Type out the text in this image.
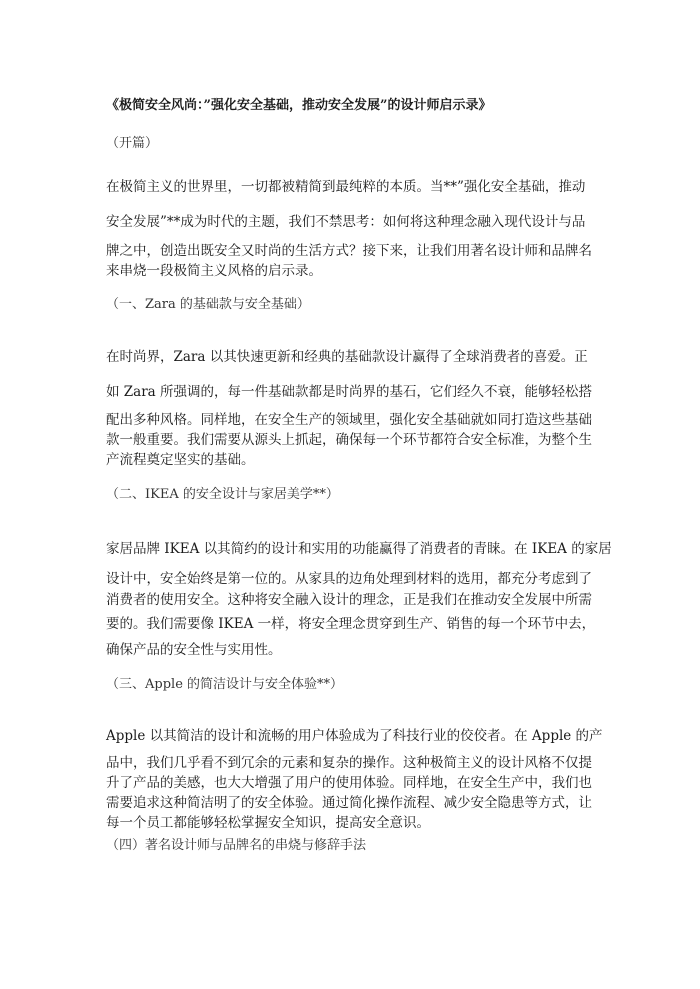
《极简安全风尚：”强化安全基础，推动安全发展”的设计师启示录》
（开篇）

在极简主义的世界里，一切都被精简到最纯粹的本质。当**”强化安全基础，推动

安全发展”**成为时代的主题，我们不禁思考：如何将这种理念融入现代设计与品

牌之中，创造出既安全又时尚的生活方式？接下来，让我们用著名设计师和品牌名

来串烧一段极简主义风格的启示录。

（一、Zara 的基础款与安全基础）

在时尚界，Zara 以其快速更新和经典的基础款设计赢得了全球消费者的喜爱。正

如 Zara 所强调的，每一件基础款都是时尚界的基石，它们经久不衰，能够轻松搭

配出多种风格。同样地，在安全生产的领域里，强化安全基础就如同打造这些基础

款一般重要。我们需要从源头上抓起，确保每一个环节都符合安全标准，为整个生

产流程奠定坚实的基础。

（二、IKEA 的安全设计与家居美学**）

家居品牌 IKEA 以其简约的设计和实用的功能赢得了消费者的青睐。在 IKEA 的家居

设计中，安全始终是第一位的。从家具的边角处理到材料的选用，都充分考虑到了

消费者的使用安全。这种将安全融入设计的理念，正是我们在推动安全发展中所需

要的。我们需要像 IKEA 一样，将安全理念贯穿到生产、销售的每一个环节中去，

确保产品的安全性与实用性。

（三、Apple 的简洁设计与安全体验**）

Apple 以其简洁的设计和流畅的用户体验成为了科技行业的佼佼者。在 Apple 的产

品中，我们几乎看不到冗余的元素和复杂的操作。这种极简主义的设计风格不仅提

升了产品的美感，也大大增强了用户的使用体验。同样地，在安全生产中，我们也

需要追求这种简洁明了的安全体验。通过简化操作流程、减少安全隐患等方式，让

每一个员工都能够轻松掌握安全知识，提高安全意识。

（四）著名设计师与品牌名的串烧与修辞手法
